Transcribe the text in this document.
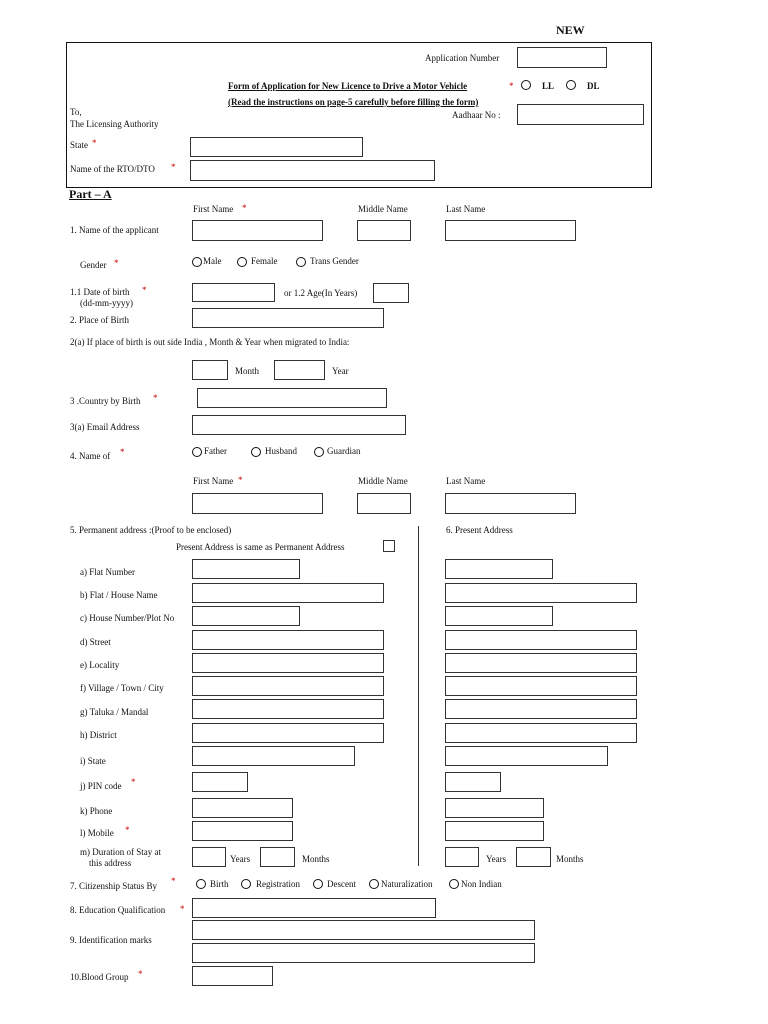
NEW
Application Number
Form of Application for New Licence to Drive a Motor Vehicle
(Read the instructions on page-5 carefully before filling the form)
*	LL	DL
To,
The Licensing Authority
Aadhaar No :
State *
Name of the RTO/DTO *
Part – A
First Name *	Middle Name	Last Name
1. Name of the applicant
Gender *	Male	Female	Trans Gender
1.1 Date of birth *
(dd-mm-yyyy)
or 1.2 Age(In Years)
2. Place of Birth
2(a) If place of birth is out side India , Month & Year when migrated to India:
Month	Year
3 .Country by Birth *
3(a) Email Address
4. Name of *	Father	Husband	Guardian
First Name *	Middle Name	Last Name
5. Permanent address :(Proof to be enclosed)	6. Present Address
Present Address is same as Permanent Address
a) Flat Number
b) Flat / House Name
c) House Number/Plot No
d) Street
e) Locality
f) Village / Town / City
g) Taluka / Mandal
h) District
i) State
j) PIN code *
k) Phone
l) Mobile *
m) Duration of Stay at
this address	Years	Months	Years	Months
7. Citizenship Status By *	Birth	Registration	Descent	Naturalization	Non Indian
8. Education Qualification *
9. Identification marks
10.Blood Group *
